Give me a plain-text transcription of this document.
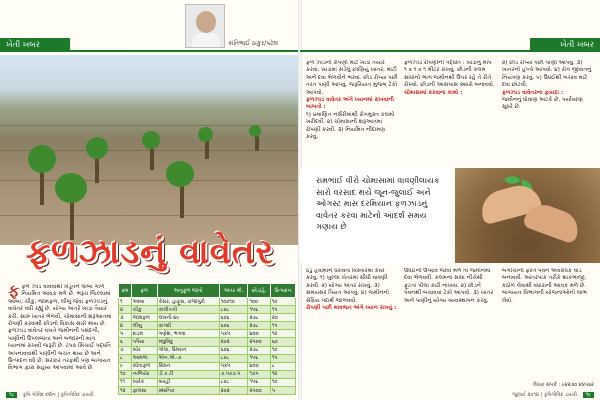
કાંતિભાઈ ઠાકુર/પટેલ
ખેતી ખબર
ફળઝાડનું વાવેતર
ફ ફળ ઝાડ વાવવાથી ખેડૂતને લાંબા ગાળે નિયમિત આવક મળે છે. ભરૂચ જિલ્લામાં આંબા, ચીકુ, જામફળ, લીંબુ જેવા ફળઝાડનું વાવેતર વધી રહ્યું છે. યોગ્ય અંતરે ખાડા તૈયાર કરી, સારું ખાતર ભેળવી, ચોમાસાની શરૂઆતમાં રોપણી કરવાથી છોડનો વિકાસ સારો થાય છે. ફળઝાડ વાવેતર વખતે જમીનની પસંદગી, પાણીની ઉપલબ્ધતા અને બજારની માંગ ધ્યાનમાં રાખવી જરૂરી છે. ટપક સિંચાઈ પદ્ધતિ અપનાવવાથી પાણીની બચત થાય છે અને ઉત્પાદન વધે છે. સરકાર તરફથી પણ બાગાયત વિભાગ દ્વારા સહાય આપવામાં આવે છે.
ક્રમ	ફળ	અનુકૂળ જાતો	અંતર મી.	છોડ/હે.	ઉત્પાદન
૧	આંબા	કેસર, હાફૂસ, રાજાપુરી	૧૦x૧૦	૧૦૦	૧૦
૨	ચીકુ	કાલીપત્તી	૮x૮	૧૫૬	૧૫
૩	જામફળ	લખનૌ-૪૯	૬x૬	૨૭૮	૨૦
૪	લીંબુ	કાગદી	૬x૬	૨૭૮	૧૫
૫	દાડમ	ગણેશ, ભગવા	૫x૫	૪૦૦	૧૨
૬	પપૈયા	મધુબિંદુ	૨x૨	૨૫૦૦	૬૦
૭	બોર	ગોલા, ઉમરાન	૬x૬	૨૭૮	૧૦
૮	આમળા	એન.એ.-૭	૮x૮	૧૫૬	૧૫
૯	સીતાફળ	સિંધન	૫x૫	૪૦૦	૮
૧૦	નાળિયેર	ડી x ટી	૭.૫x૭.૫	૧૭૫	૧૨
૧૧	ખારેક	બરહી	૮x૮	૧૫૬	૧૦
૧૨	ફાલસા	સ્થાનિક	૨x૨	૨૫૦૦	૫
૧૮ કૃષિ ગોવિંદ દર્શન | કૃષિગોવિંદ ડાયરી
ખેતી ખબર
ફળ ઝાડની રોપણી માટે ખાડા તૈયાર કરવા. ખાડામાં સડેલું છાણિયું ખાતર, માટી અને દવા ભેળવીને ભરવા. છોડ રોપ્યા પછી તરત પાણી આપવું. જરૂરિયાત મુજબ ટેકો આપવો.
ફળઝાડ વાવેતર અંગે ધ્યાનમાં રાખવાની બાબતો :
૧) પ્રમાણિત નર્સરીમાંથી રોગમુક્ત કલમો ખરીદવી. ૨) ચોમાસાની શરૂઆતમાં રોપણી કરવી. ૩) નિયમિત નીંદામણ કરવું.
ફળઝાડ રોપણીની પદ્ધતિ : ખાડાનું માપ ૧ x ૧ x ૧ મીટર રાખવું. છોડની કલમ સાંધાનો ભાગ જમીનથી ઉપર રહે તે રીતે રોપવો. છોડની આસપાસ ક્યારો બનાવવો.
ચોમાસામાં કરવાના કામો :
૨) છોડ રોપ્યા પછી પાણી આપવું. ૩) ખાતરનો હપ્તો આપવો. ૪) રોગ જીવાતનું નિયંત્રણ કરવું. ૫) ઉધઈથી બચાવ માટે દવા છાંટવી.
ફળઝાડ વાવેતરના ફાયદા :
જમીનનું ધોવાણ અટકે છે, પર્યાવરણ સુધરે છે.
ઠંડુ હવામાન ધરાવતા વિસ્તારમાં કાર્ય કરવું. ૧) ખુલ્લા ખેતરમાં સીધી વાવણી કરવી. ૨) યોગ્ય અંતર રાખવું. ૩) સમયસર પિયત આપવું. ૪) જમીનનો સેંદ્રિય પદાર્થ જાળવવો.
રોપણી પછી માવજત અંગે ધ્યાન રાખવું :
ઉધઈનો ઉપદ્રવ જોવા મળે તો જમીનમાં દવા ભેળવવી. કલમના સાંધા નીચેથી ફૂટતા પીલા કાઢી નાખવા. ૨) છોડને પવનથી બચાવવા ટેકો આપવો. ૩) ખાતર અને પાણીનું યોગ્ય વ્યવસ્થાપન કરવું.
બગીચાની ફરતે પવન અવરોધક વાડ બનાવવી. આંતરપાક તરીકે શાકભાજી, કઠોળ લેવાથી વધારાની આવક મળે છે. બાગાયત વિભાગની યોજનાઓનો લાભ લેવો.
લેખક સંપર્ક : ૯૪૨૭૦ ૪૪૫૬૨
જુલાઈ ૨૦૧૪ | કૃષિગોવિંદ ડાયરી ૧૯
રામભાઈ વીરો ચોમાસામાં વાવણીલાયક સારો વરસાદ થયે જૂન-જુલાઈ અને ઓગસ્ટ માસ દરમિયાન ફળઝાડનું વાવેતર કરવા માટેનો આદર્શ સમય ગણાય છે
